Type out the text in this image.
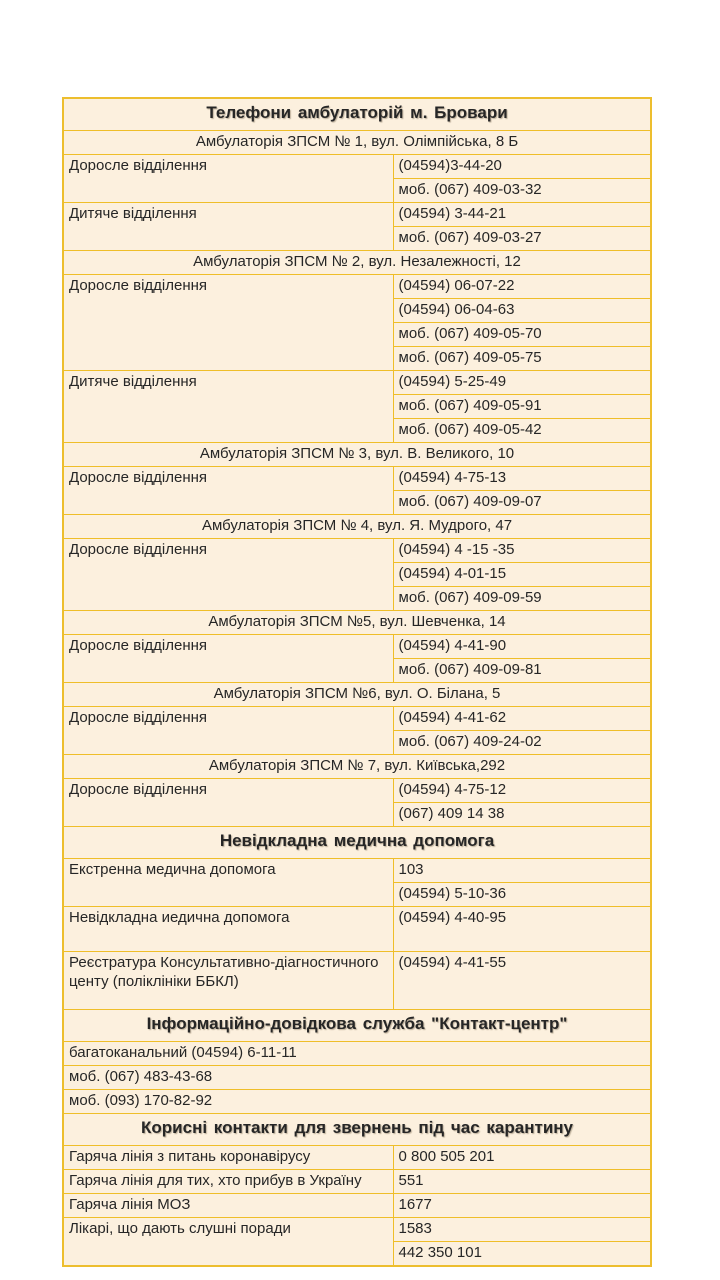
Телефони амбулаторій м. Бровари	
Амбулаторія ЗПСМ № 1, вул. Олімпійська, 8 Б	
Доросле відділення	(04594)3-44-20
	моб. (067) 409-03-32
Дитяче відділення	(04594) 3-44-21
	моб. (067) 409-03-27
Амбулаторія ЗПСМ № 2, вул. Незалежності, 12	
Доросле відділення	(04594) 06-07-22
	(04594) 06-04-63
	моб. (067) 409-05-70
	моб. (067) 409-05-75
Дитяче відділення	(04594) 5-25-49
	моб. (067) 409-05-91
	моб. (067) 409-05-42
Амбулаторія ЗПСМ № 3, вул. В. Великого, 10	
Доросле відділення	(04594) 4-75-13
	моб. (067) 409-09-07
Амбулаторія ЗПСМ № 4, вул. Я. Мудрого, 47	
Доросле відділення	(04594) 4 -15 -35
	(04594) 4-01-15
	моб. (067) 409-09-59
Амбулаторія ЗПСМ №5, вул. Шевченка, 14	
Доросле відділення	(04594) 4-41-90
	моб. (067) 409-09-81
Амбулаторія ЗПСМ №6, вул. О. Білана, 5	
Доросле відділення	(04594) 4-41-62
	моб. (067) 409-24-02
Амбулаторія ЗПСМ № 7, вул. Київська,292	
Доросле відділення	(04594) 4-75-12
	(067) 409 14 38
Невідкладна медична допомога	
Екстренна медична допомога	103
	(04594) 5-10-36
Невідкладна иедична допомога	(04594) 4-40-95
Реєстратура Консультативно-діагностичного центу (поліклініки ББКЛ)	(04594) 4-41-55
Інформаційно-довідкова служба "Контакт-центр"	
багатоканальний (04594) 6-11-11	
моб. (067) 483-43-68	
моб. (093) 170-82-92	
Корисні контакти для звернень під час карантину	
Гаряча лінія з питань коронавірусу	0 800 505 201
Гаряча лінія для тих, хто прибув в Україну	551
Гаряча лінія МОЗ	1677
Лікарі, що дають слушні поради	1583
	442 350 101
